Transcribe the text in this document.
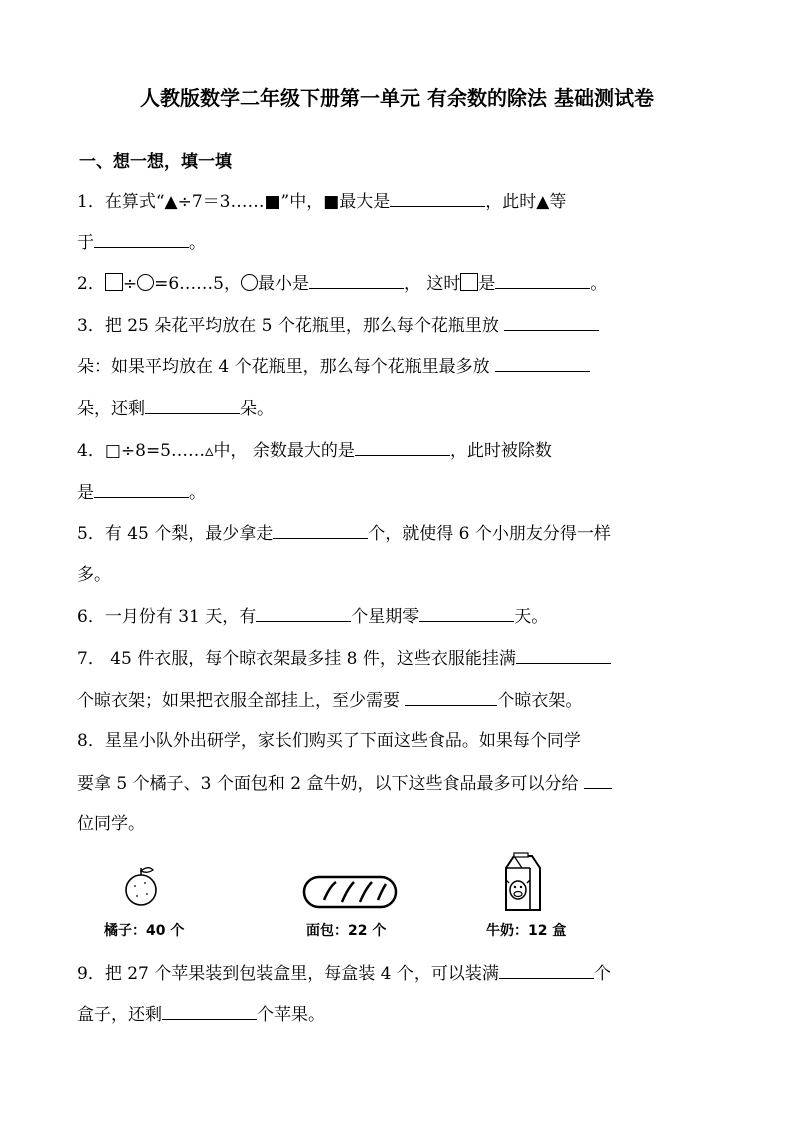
人教版数学二年级下册第一单元 有余数的除法 基础测试卷
一、想一想，填一填
1．在算式“▲÷7＝3……■”中，■最大是	，此时▲等
于	。
2． ÷ =6……5， 最小是	， 这时 是	。
3．把 25 朵花平均放在 5 个花瓶里，那么每个花瓶里放
朵：如果平均放在 4 个花瓶里，那么每个花瓶里最多放
朵，还剩	朵。
4．□÷8=5……▵中， 余数最大的是	，此时被除数
是	。
5．有 45 个梨，最少拿走	个，就使得 6 个小朋友分得一样
多。
6．一月份有 31 天，有	个星期零	天。
7． 45 件衣服，每个晾衣架最多挂 8 件，这些衣服能挂满
个晾衣架；如果把衣服全部挂上，至少需要	个晾衣架。
8．星星小队外出研学，家长们购买了下面这些食品。如果每个同学
要拿 5 个橘子、3 个面包和 2 盒牛奶，以下这些食品最多可以分给
位同学。
橘子：40 个	面包：22 个	牛奶：12 盒
9．把 27 个苹果装到包装盒里，每盒装 4 个，可以装满	个
盒子，还剩	个苹果。
